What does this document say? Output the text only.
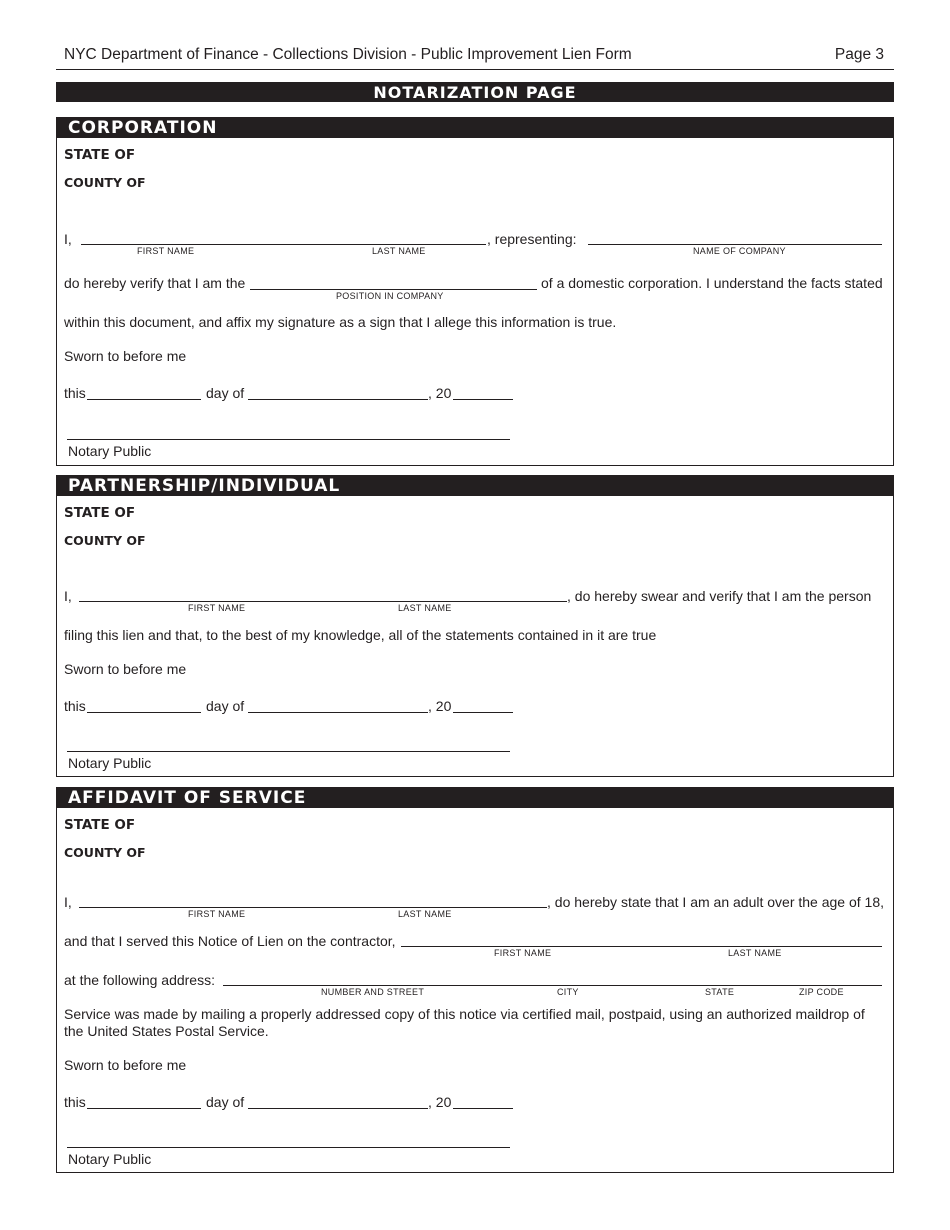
NYC Department of Finance - Collections Division - Public Improvement Lien Form	Page 3
NOTARIZATION PAGE
CORPORATION
STATE OF
COUNTY OF
I,
FIRST NAME	LAST NAME
, representing:
NAME OF COMPANY
do hereby verify that I am the
POSITION IN COMPANY
of a domestic corporation. I understand the facts stated
within this document, and affix my signature as a sign that I allege this information is true.
Sworn to before me
this	day of	, 20
Notary Public
PARTNERSHIP/INDIVIDUAL
STATE OF
COUNTY OF
I,
FIRST NAME	LAST NAME
, do hereby swear and verify that I am the person
filing this lien and that, to the best of my knowledge, all of the statements contained in it are true
Sworn to before me
this	day of	, 20
Notary Public
AFFIDAVIT OF SERVICE
STATE OF
COUNTY OF
I,
FIRST NAME	LAST NAME
, do hereby state that I am an adult over the age of 18,
and that I served this Notice of Lien on the contractor,
FIRST NAME	LAST NAME
at the following address:
NUMBER AND STREET	CITY	STATE	ZIP CODE
Service was made by mailing a properly addressed copy of this notice via certified mail, postpaid, using an authorized maildrop of
the United States Postal Service.
Sworn to before me
this	day of	, 20
Notary Public
